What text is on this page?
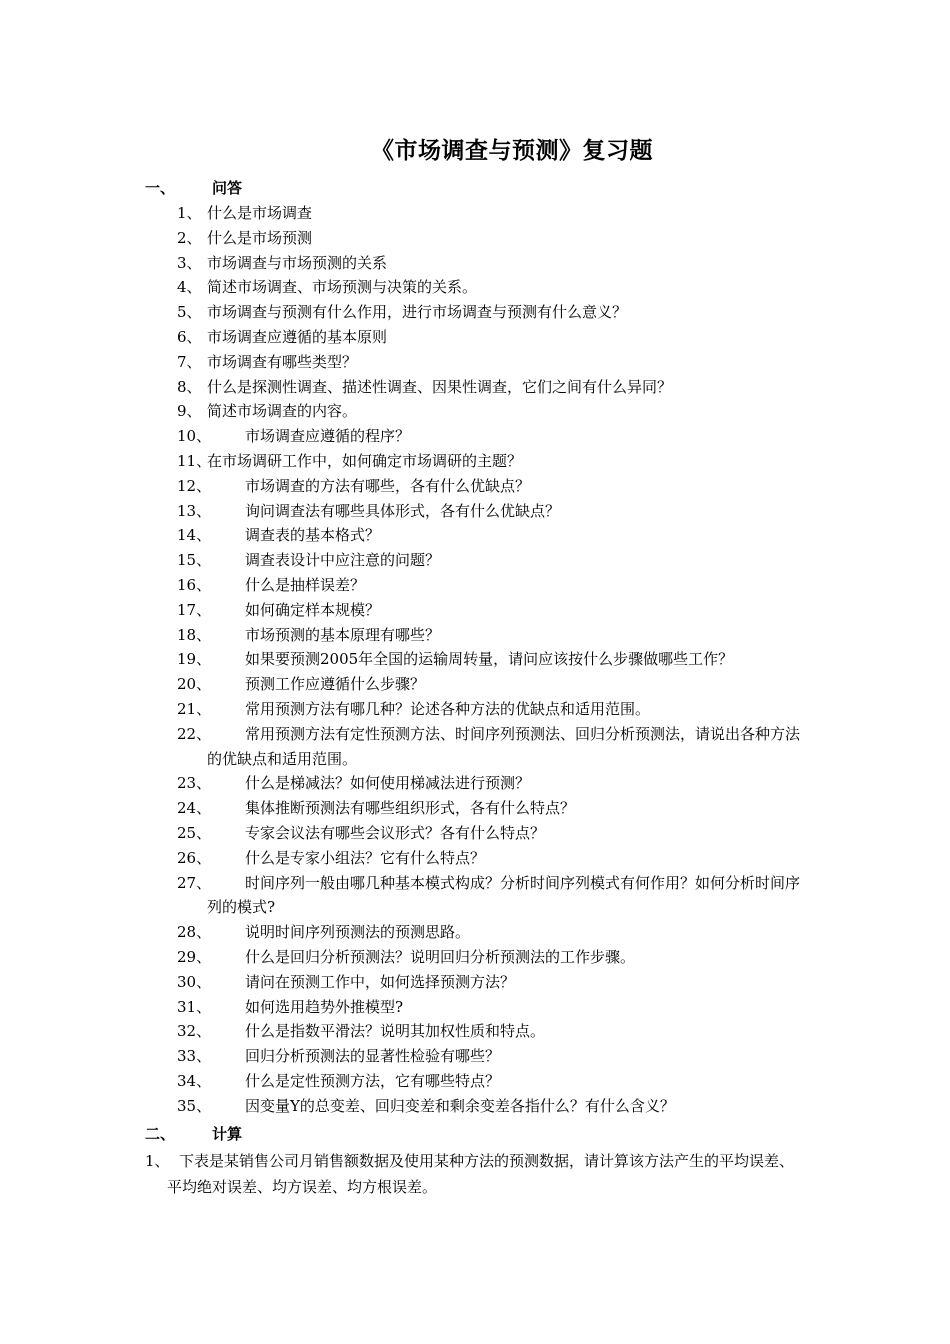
《市场调查与预测》复习题
一、 问答
1、 什么是市场调查
2、 什么是市场预测
3、 市场调查与市场预测的关系
4、 简述市场调查、市场预测与决策的关系。
5、 市场调查与预测有什么作用，进行市场调查与预测有什么意义？
6、 市场调查应遵循的基本原则
7、 市场调查有哪些类型？
8、 什么是探测性调查、描述性调查、因果性调查，它们之间有什么异同？
9、 简述市场调查的内容。
10、 市场调查应遵循的程序？
11、在市场调研工作中，如何确定市场调研的主题？
12、 市场调查的方法有哪些，各有什么优缺点？
13、 询问调查法有哪些具体形式，各有什么优缺点？
14、 调查表的基本格式？
15、 调查表设计中应注意的问题？
16、 什么是抽样误差？
17、 如何确定样本规模？
18、 市场预测的基本原理有哪些？
19、 如果要预测2005年全国的运输周转量，请问应该按什么步骤做哪些工作？
20、 预测工作应遵循什么步骤？
21、 常用预测方法有哪几种？论述各种方法的优缺点和适用范围。
22、 常用预测方法有定性预测方法、时间序列预测法、回归分析预测法，请说出各种方法的优缺点和适用范围。
23、 什么是梯减法？如何使用梯减法进行预测？
24、 集体推断预测法有哪些组织形式，各有什么特点？
25、 专家会议法有哪些会议形式？各有什么特点？
26、 什么是专家小组法？它有什么特点？
27、 时间序列一般由哪几种基本模式构成？分析时间序列模式有何作用？如何分析时间序列的模式?
28、 说明时间序列预测法的预测思路。
29、 什么是回归分析预测法？说明回归分析预测法的工作步骤。
30、 请问在预测工作中，如何选择预测方法？
31、 如何选用趋势外推模型?
32、 什么是指数平滑法？说明其加权性质和特点。
33、 回归分析预测法的显著性检验有哪些？
34、 什么是定性预测方法，它有哪些特点？
35、 因变量Y的总变差、回归变差和剩余变差各指什么？有什么含义？
二、 计算
1、 下表是某销售公司月销售额数据及使用某种方法的预测数据，请计算该方法产生的平均误差、平均绝对误差、均方误差、均方根误差。
